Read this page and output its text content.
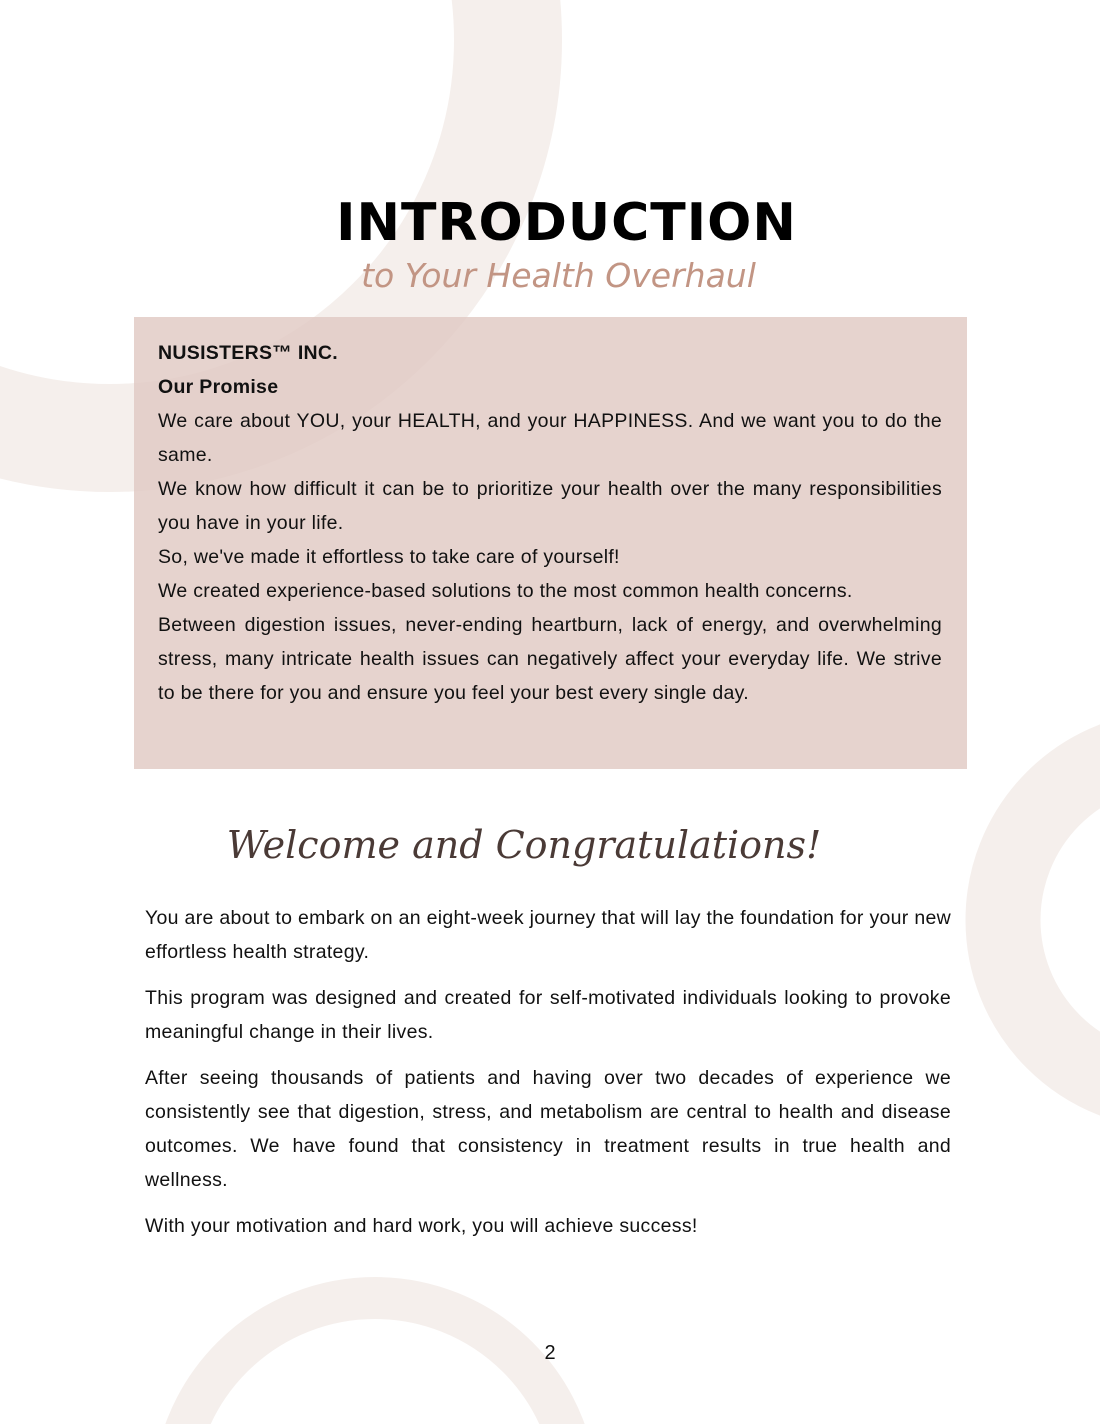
INTRODUCTION
to Your Health Overhaul

NUSISTERS™ INC.

Our Promise

We care about YOU, your HEALTH, and your HAPPINESS. And we want you to do the same.

We know how difficult it can be to prioritize your health over the many responsibilities you have in your life.

So, we've made it effortless to take care of yourself!

We created experience-based solutions to the most common health concerns.

Between digestion issues, never-ending heartburn, lack of energy, and overwhelming stress, many intricate health issues can negatively affect your everyday life. We strive to be there for you and ensure you feel your best every single day.

Welcome and Congratulations!

You are about to embark on an eight-week journey that will lay the foundation for your new effortless health strategy.

This program was designed and created for self-motivated individuals looking to provoke meaningful change in their lives.

After seeing thousands of patients and having over two decades of experience we consistently see that digestion, stress, and metabolism are central to health and disease outcomes. We have found that consistency in treatment results in true health and wellness.

With your motivation and hard work, you will achieve success!

2
